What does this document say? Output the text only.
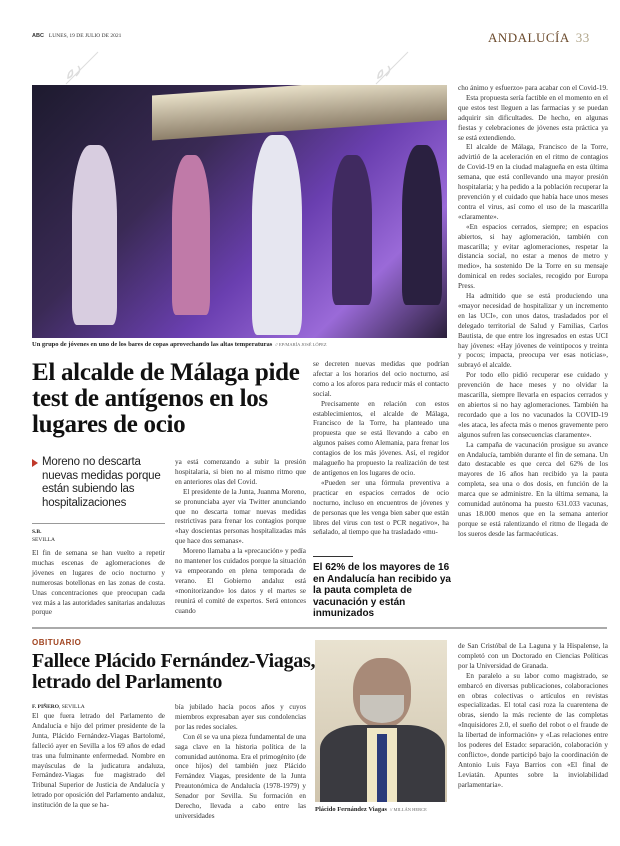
ABC LUNES, 19 DE JULIO DE 2021	ANDALUCÍA 33
Un grupo de jóvenes en uno de los bares de copas aprovechando las altas temperaturas // EP/MARÍA JOSÉ LÓPEZ
El alcalde de Málaga pide test de antígenos en los lugares de ocio
Moreno no descarta nuevas medidas porque están subiendo las hospitalizaciones
S.B.
SEVILLA

El fin de semana se han vuelto a repetir muchas escenas de aglomeraciones de jóvenes en lugares de ocio nocturno y numerosas botellonas en las zonas de costa. Unas concentraciones que preocupan cada vez más a las autoridades sanitarias andaluzas porque

ya está comenzando a subir la presión hospitalaria, si bien no al mismo ritmo que en anteriores olas del Covid.

El presidente de la Junta, Juanma Moreno, se pronunciaba ayer vía Twitter anunciando que no descarta tomar nuevas medidas restrictivas para frenar los contagios porque «hay doscientas personas hospitalizadas más que hace dos semanas».

Moreno llamaba a la «precaución» y pedía no mantener los cuidados porque la situación va empeorando en plena temporada de verano. El Gobierno andaluz está «monitorizando» los datos y el martes se reunirá el comité de expertos. Será entonces cuando

se decreten nuevas medidas que podrían afectar a los horarios del ocio nocturno, así como a los aforos para reducir más el contacto social.

Precisamente en relación con estos establecimientos, el alcalde de Málaga, Francisco de la Torre, ha planteado una propuesta que se está llevando a cabo en algunos países como Alemania, para frenar los contagios de los más jóvenes. Así, el regidor malagueño ha propuesto la realización de test de antígenos en los lugares de ocio.

«Pueden ser una fórmula preventiva a practicar en espacios cerrados de ocio nocturno, incluso en encuentros de jóvenes y de personas que les venga bien saber que están libres del virus con test o PCR negativo», ha señalado, al tiempo que ha trasladado «mu-

El 62% de los mayores de 16 en Andalucía han recibido ya la pauta completa de vacunación y están inmunizados

cho ánimo y esfuerzo» para acabar con el Covid-19.

Esta propuesta sería factible en el momento en el que estos test lleguen a las farmacias y se puedan adquirir sin dificultades. De hecho, en algunas fiestas y celebraciones de jóvenes esta práctica ya se está extendiendo.

El alcalde de Málaga, Francisco de la Torre, advirtió de la aceleración en el ritmo de contagios de Covid-19 en la ciudad malagueña en esta última semana, que está conllevando una mayor presión hospitalaria; y ha pedido a la población recuperar la prevención y el cuidado que había hace unos meses contra el virus, así como el uso de la mascarilla «claramente».

«En espacios cerrados, siempre; en espacios abiertos, si hay aglomeración, también con mascarilla; y evitar aglomeraciones, respetar la distancia social, no estar a menos de metro y medio», ha sostenido De la Torre en su mensaje dominical en redes sociales, recogido por Europa Press.

Ha admitido que se está produciendo una «mayor necesidad de hospitalizar y un incremento en las UCI», con unos datos, trasladados por el delegado territorial de Salud y Familias, Carlos Bautista, de que entre los ingresados en estas UCI hay jóvenes: «Hay jóvenes de veintipocos y treinta y pocos; impacta, preocupa ver esas noticias», subrayó el alcalde.

Por todo ello pidió recuperar ese cuidado y prevención de hace meses y no olvidar la mascarilla, siempre llevarla en espacios cerrados y en abiertos si no hay aglomeraciones. También ha recordado que a los no vacunados la COVID-19 «les ataca, les afecta más o menos gravemente pero algunos sufren las consecuencias claramente».

La campaña de vacunación prosigue su avance en Andalucía, también durante el fin de semana. Un dato destacable es que cerca del 62% de los mayores de 16 años han recibido ya la pauta completa, sea una o dos dosis, en función de la marca que se administre. En la última semana, la comunidad autónoma ha puesto 631.033 vacunas, unas 18.000 menos que en la semana anterior porque se está ralentizando el ritmo de llegada de los sueros desde las farmacéuticas.

OBITUARIO
Fallece Plácido Fernández-Viagas, letrado del Parlamento
F. PIÑERO, SEVILLA

El que fuera letrado del Parlamento de Andalucía e hijo del primer presidente de la Junta, Plácido Fernández-Viagas Bartolomé, falleció ayer en Sevilla a los 69 años de edad tras una fulminante enfermedad. Nombre en mayúsculas de la judicatura andaluza, Fernández-Viagas fue magistrado del Tribunal Superior de Justicia de Andalucía y letrado por oposición del Parlamento andaluz, institución de la que se ha-

bía jubilado hacía pocos años y cuyos miembros expresaban ayer sus condolencias por las redes sociales.

Con él se va una pieza fundamental de una saga clave en la historia política de la comunidad autónoma. Era el primogénito (de once hijos) del también juez Plácido Fernández Viagas, presidente de la Junta Preautonómica de Andalucía (1978-1979) y Senador por Sevilla. Su formación en Derecho, llevada a cabo entre las universidades

Plácido Fernández Viagas // MILLÁN HERCE

de San Cristóbal de La Laguna y la Hispalense, la completó con un Doctorado en Ciencias Políticas por la Universidad de Granada.

En paralelo a su labor como magistrado, se embarcó en diversas publicaciones, colaboraciones en obras colectivas o artículos en revistas especializadas. El total casi roza la cuarentena de obras, siendo la más reciente de las completas «Inquisidores 2.0, el sueño del robot o el fraude de la libertad de información» y «Las relaciones entre los poderes del Estado: separación, colaboración y conflicto», donde participó bajo la coordinación de Antonio Luis Faya Barrios con «El final de Leviatán. Apuntes sobre la inviolabilidad parlamentaria».
